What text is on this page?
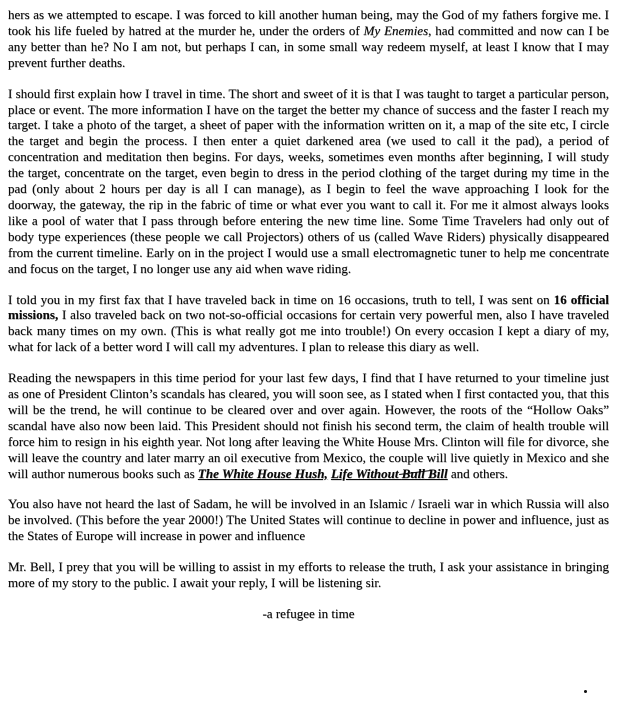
hers as we attempted to escape. I was forced to kill another human being, may the God of my fathers forgive me. I took his life fueled by hatred at the murder he, under the orders of My Enemies, had committed and now can I be any better than he? No I am not, but perhaps I can, in some small way redeem myself, at least I know that I may prevent further deaths.

I should first explain how I travel in time. The short and sweet of it is that I was taught to target a particular person, place or event. The more information I have on the target the better my chance of success and the faster I reach my target. I take a photo of the target, a sheet of paper with the information written on it, a map of the site etc, I circle the target and begin the process. I then enter a quiet darkened area (we used to call it the pad), a period of concentration and meditation then begins. For days, weeks, sometimes even months after beginning, I will study the target, concentrate on the target, even begin to dress in the period clothing of the target during my time in the pad (only about 2 hours per day is all I can manage), as I begin to feel the wave approaching I look for the doorway, the gateway, the rip in the fabric of time or what ever you want to call it. For me it almost always looks like a pool of water that I pass through before entering the new time line. Some Time Travelers had only out of body type experiences (these people we call Projectors) others of us (called Wave Riders) physically disappeared from the current timeline. Early on in the project I would use a small electromagnetic tuner to help me concentrate and focus on the target, I no longer use any aid when wave riding.

I told you in my first fax that I have traveled back in time on 16 occasions, truth to tell, I was sent on 16 official missions, I also traveled back on two not-so-official occasions for certain very powerful men, also I have traveled back many times on my own. (This is what really got me into trouble!) On every occasion I kept a diary of my, what for lack of a better word I will call my adventures. I plan to release this diary as well.

Reading the newspapers in this time period for your last few days, I find that I have returned to your timeline just as one of President Clinton’s scandals has cleared, you will soon see, as I stated when I first contacted you, that this will be the trend, he will continue to be cleared over and over again. However, the roots of the “Hollow Oaks” scandal have also now been laid. This President should not finish his second term, the claim of health trouble will force him to resign in his eighth year. Not long after leaving the White House Mrs. Clinton will file for divorce, she will leave the country and later marry an oil executive from Mexico, the couple will live quietly in Mexico and she will author numerous books such as The White House Hush, Life Without Bull Bill and others.

You also have not heard the last of Sadam, he will be involved in an Islamic / Israeli war in which Russia will also be involved. (This before the year 2000!) The United States will continue to decline in power and influence, just as the States of Europe will increase in power and influence

Mr. Bell, I prey that you will be willing to assist in my efforts to release the truth, I ask your assistance in bringing more of my story to the public. I await your reply, I will be listening sir.

-a refugee in time
